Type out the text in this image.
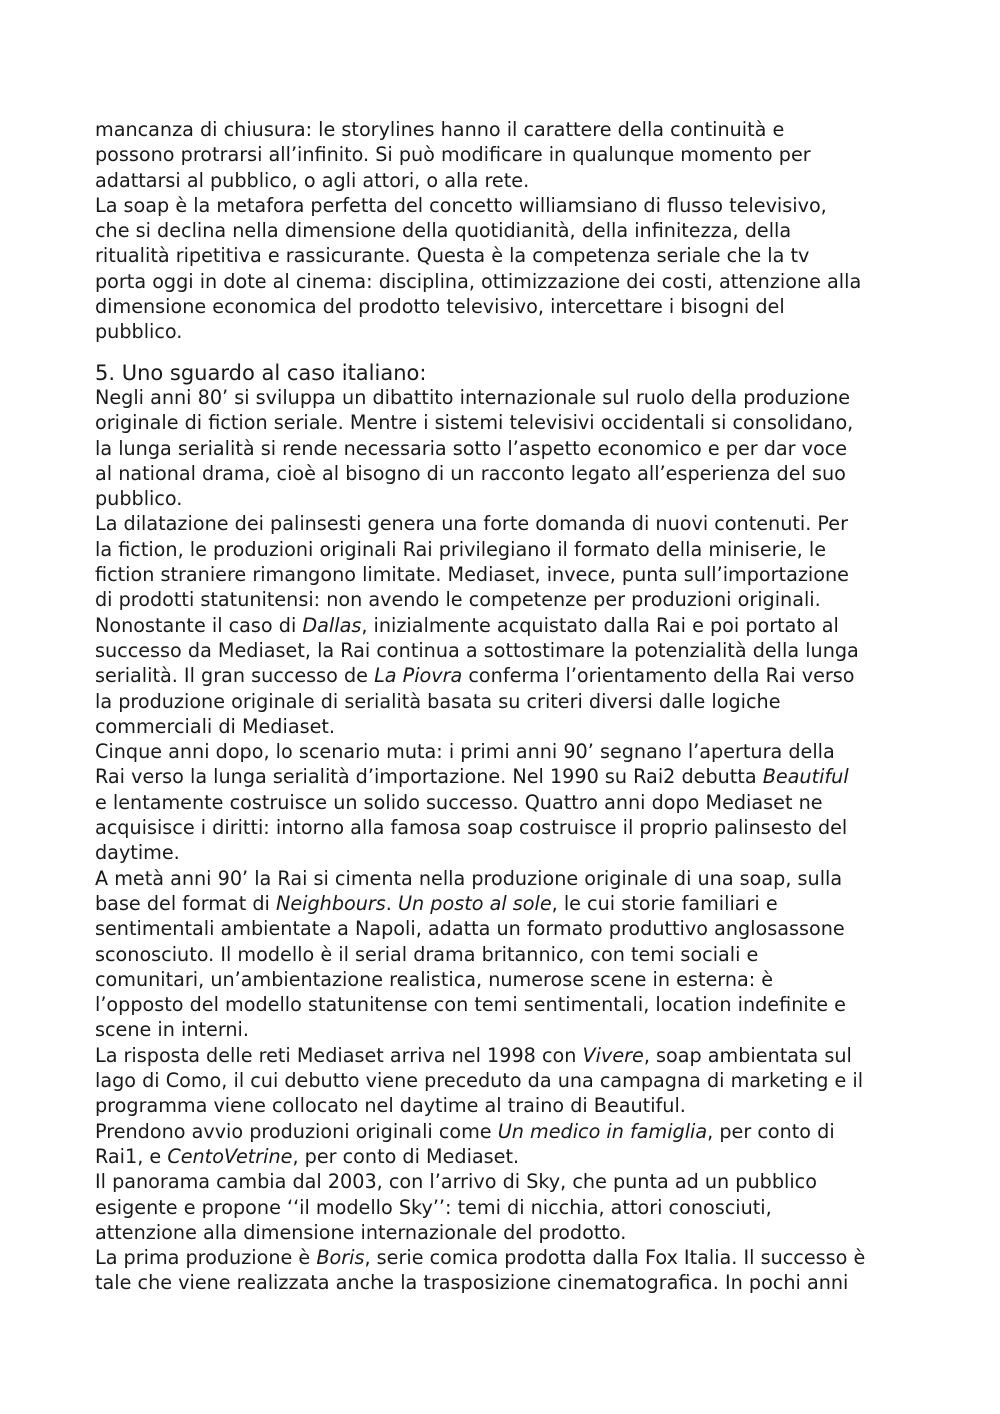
mancanza di chiusura: le storylines hanno il carattere della continuità e
possono protrarsi all’infinito. Si può modificare in qualunque momento per
adattarsi al pubblico, o agli attori, o alla rete.
La soap è la metafora perfetta del concetto williamsiano di flusso televisivo,
che si declina nella dimensione della quotidianità, della infinitezza, della
ritualità ripetitiva e rassicurante. Questa è la competenza seriale che la tv
porta oggi in dote al cinema: disciplina, ottimizzazione dei costi, attenzione alla
dimensione economica del prodotto televisivo, intercettare i bisogni del
pubblico.
5. Uno sguardo al caso italiano:
Negli anni 80’ si sviluppa un dibattito internazionale sul ruolo della produzione
originale di fiction seriale. Mentre i sistemi televisivi occidentali si consolidano,
la lunga serialità si rende necessaria sotto l’aspetto economico e per dar voce
al national drama, cioè al bisogno di un racconto legato all’esperienza del suo
pubblico.
La dilatazione dei palinsesti genera una forte domanda di nuovi contenuti. Per
la fiction, le produzioni originali Rai privilegiano il formato della miniserie, le
fiction straniere rimangono limitate. Mediaset, invece, punta sull’importazione
di prodotti statunitensi: non avendo le competenze per produzioni originali.
Nonostante il caso di Dallas, inizialmente acquistato dalla Rai e poi portato al
successo da Mediaset, la Rai continua a sottostimare la potenzialità della lunga
serialità. Il gran successo de La Piovra conferma l’orientamento della Rai verso
la produzione originale di serialità basata su criteri diversi dalle logiche
commerciali di Mediaset.
Cinque anni dopo, lo scenario muta: i primi anni 90’ segnano l’apertura della
Rai verso la lunga serialità d’importazione. Nel 1990 su Rai2 debutta Beautiful
e lentamente costruisce un solido successo. Quattro anni dopo Mediaset ne
acquisisce i diritti: intorno alla famosa soap costruisce il proprio palinsesto del
daytime.
A metà anni 90’ la Rai si cimenta nella produzione originale di una soap, sulla
base del format di Neighbours. Un posto al sole, le cui storie familiari e
sentimentali ambientate a Napoli, adatta un formato produttivo anglosassone
sconosciuto. Il modello è il serial drama britannico, con temi sociali e
comunitari, un’ambientazione realistica, numerose scene in esterna: è
l’opposto del modello statunitense con temi sentimentali, location indefinite e
scene in interni.
La risposta delle reti Mediaset arriva nel 1998 con Vivere, soap ambientata sul
lago di Como, il cui debutto viene preceduto da una campagna di marketing e il
programma viene collocato nel daytime al traino di Beautiful.
Prendono avvio produzioni originali come Un medico in famiglia, per conto di
Rai1, e CentoVetrine, per conto di Mediaset.
Il panorama cambia dal 2003, con l’arrivo di Sky, che punta ad un pubblico
esigente e propone ‘‘il modello Sky’’: temi di nicchia, attori conosciuti,
attenzione alla dimensione internazionale del prodotto.
La prima produzione è Boris, serie comica prodotta dalla Fox Italia. Il successo è
tale che viene realizzata anche la trasposizione cinematografica. In pochi anni
